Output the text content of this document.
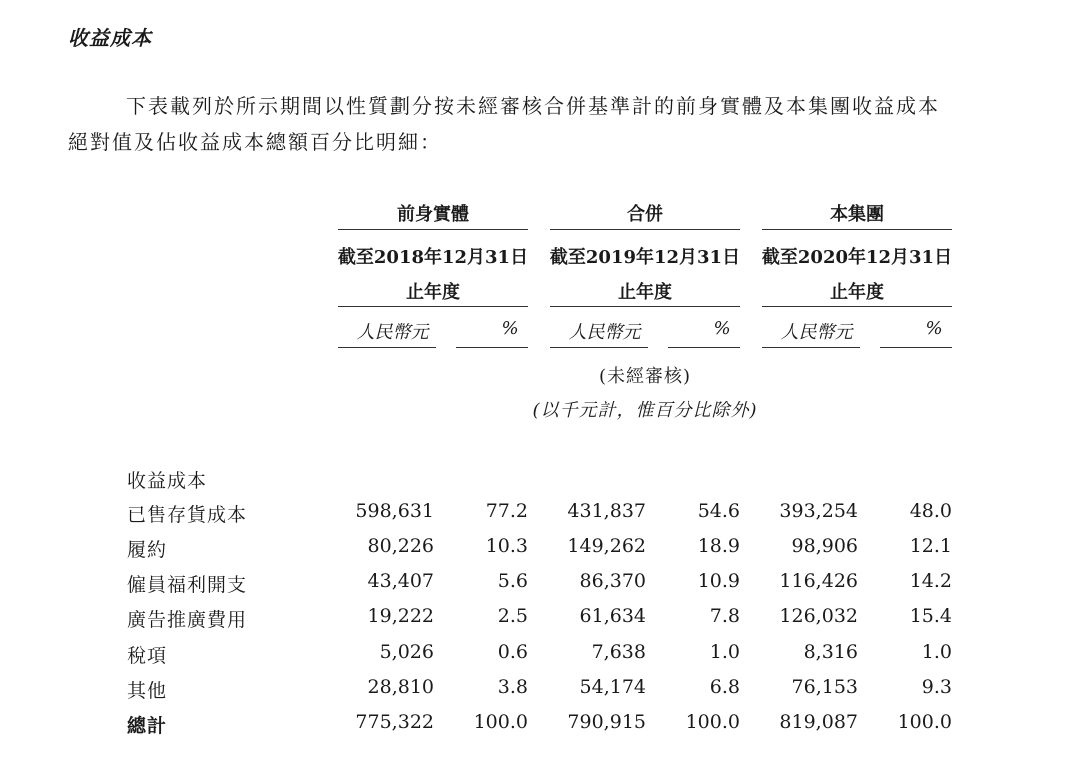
收益成本
下表載列於所示期間以性質劃分按未經審核合併基準計的前身實體及本集團收益成本絕對值及佔收益成本總額百分比明細：
前身實體
截至2018年12月31日
止年度
人民幣元	%
合併
截至2019年12月31日
止年度
人民幣元	%
本集團
截至2020年12月31日
止年度
人民幣元	%
(未經審核)
(以千元計，惟百分比除外)
收益成本
已售存貨成本	598,631	77.2 431,837	54.6 393,254	48.0
履約	80,226	10.3 149,262	18.9	98,906	12.1
僱員福利開支	43,407	5.6	86,370	10.9 116,426	14.2
廣告推廣費用	19,222	2.5	61,634	7.8 126,032	15.4
稅項	5,026	0.6	7,638	1.0	8,316	1.0
其他	28,810	3.8	54,174	6.8	76,153	9.3
總計	775,322 100.0 790,915 100.0 819,087 100.0
